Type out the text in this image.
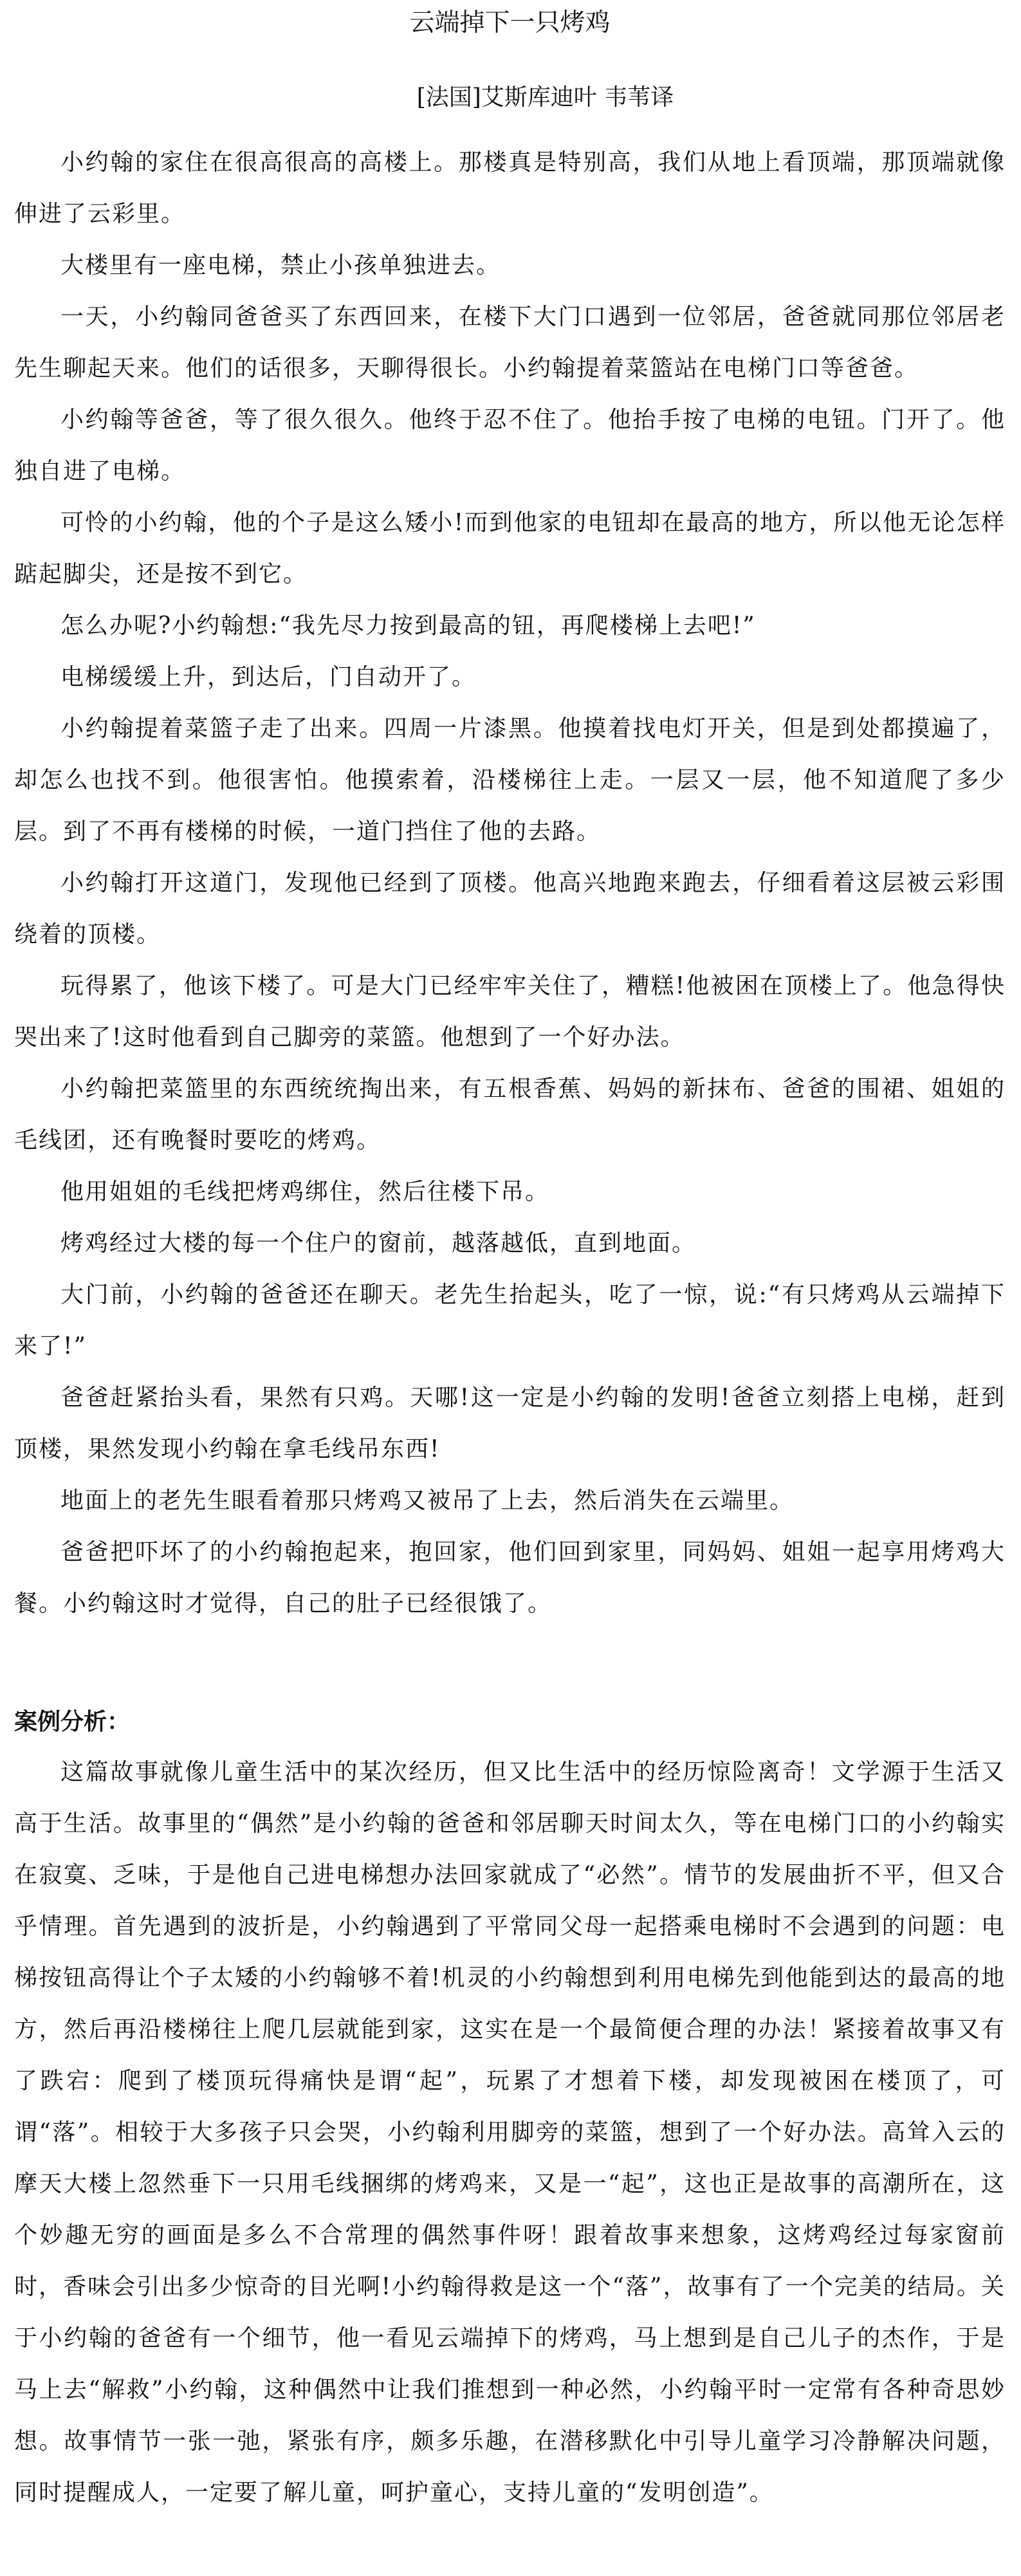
云端掉下一只烤鸡
[法国]艾斯库迪叶 韦苇译

小约翰的家住在很高很高的高楼上。那楼真是特别高，我们从地上看顶端，那顶端就像伸进了云彩里。

大楼里有一座电梯，禁止小孩单独进去。

一天，小约翰同爸爸买了东西回来，在楼下大门口遇到一位邻居，爸爸就同那位邻居老先生聊起天来。他们的话很多，天聊得很长。小约翰提着菜篮站在电梯门口等爸爸。

小约翰等爸爸，等了很久很久。他终于忍不住了。他抬手按了电梯的电钮。门开了。他独自进了电梯。

可怜的小约翰，他的个子是这么矮小!而到他家的电钮却在最高的地方，所以他无论怎样踮起脚尖，还是按不到它。

怎么办呢?小约翰想:“我先尽力按到最高的钮，再爬楼梯上去吧!”

电梯缓缓上升，到达后，门自动开了。

小约翰提着菜篮子走了出来。四周一片漆黑。他摸着找电灯开关，但是到处都摸遍了，却怎么也找不到。他很害怕。他摸索着，沿楼梯往上走。一层又一层，他不知道爬了多少层。到了不再有楼梯的时候，一道门挡住了他的去路。

小约翰打开这道门，发现他已经到了顶楼。他高兴地跑来跑去，仔细看着这层被云彩围绕着的顶楼。

玩得累了，他该下楼了。可是大门已经牢牢关住了，糟糕!他被困在顶楼上了。他急得快哭出来了!这时他看到自己脚旁的菜篮。他想到了一个好办法。

小约翰把菜篮里的东西统统掏出来，有五根香蕉、妈妈的新抹布、爸爸的围裙、姐姐的毛线团，还有晚餐时要吃的烤鸡。

他用姐姐的毛线把烤鸡绑住，然后往楼下吊。

烤鸡经过大楼的每一个住户的窗前，越落越低，直到地面。

大门前，小约翰的爸爸还在聊天。老先生抬起头，吃了一惊，说:“有只烤鸡从云端掉下来了!”

爸爸赶紧抬头看，果然有只鸡。天哪!这一定是小约翰的发明!爸爸立刻搭上电梯，赶到顶楼，果然发现小约翰在拿毛线吊东西!

地面上的老先生眼看着那只烤鸡又被吊了上去，然后消失在云端里。

爸爸把吓坏了的小约翰抱起来，抱回家，他们回到家里，同妈妈、姐姐一起享用烤鸡大餐。小约翰这时才觉得，自己的肚子已经很饿了。

案例分析：

这篇故事就像儿童生活中的某次经历，但又比生活中的经历惊险离奇！文学源于生活又高于生活。故事里的“偶然”是小约翰的爸爸和邻居聊天时间太久，等在电梯门口的小约翰实在寂寞、乏味，于是他自己进电梯想办法回家就成了“必然”。情节的发展曲折不平，但又合乎情理。首先遇到的波折是，小约翰遇到了平常同父母一起搭乘电梯时不会遇到的问题：电梯按钮高得让个子太矮的小约翰够不着!机灵的小约翰想到利用电梯先到他能到达的最高的地方，然后再沿楼梯往上爬几层就能到家，这实在是一个最简便合理的办法！紧接着故事又有了跌宕：爬到了楼顶玩得痛快是谓“起”，玩累了才想着下楼，却发现被困在楼顶了，可谓“落”。相较于大多孩子只会哭，小约翰利用脚旁的菜篮，想到了一个好办法。高耸入云的摩天大楼上忽然垂下一只用毛线捆绑的烤鸡来，又是一“起”，这也正是故事的高潮所在，这个妙趣无穷的画面是多么不合常理的偶然事件呀！跟着故事来想象，这烤鸡经过每家窗前时，香味会引出多少惊奇的目光啊!小约翰得救是这一个“落”，故事有了一个完美的结局。关于小约翰的爸爸有一个细节，他一看见云端掉下的烤鸡，马上想到是自己儿子的杰作，于是马上去“解救”小约翰，这种偶然中让我们推想到一种必然，小约翰平时一定常有各种奇思妙想。故事情节一张一弛，紧张有序，颇多乐趣，在潜移默化中引导儿童学习冷静解决问题，同时提醒成人，一定要了解儿童，呵护童心，支持儿童的“发明创造”。
